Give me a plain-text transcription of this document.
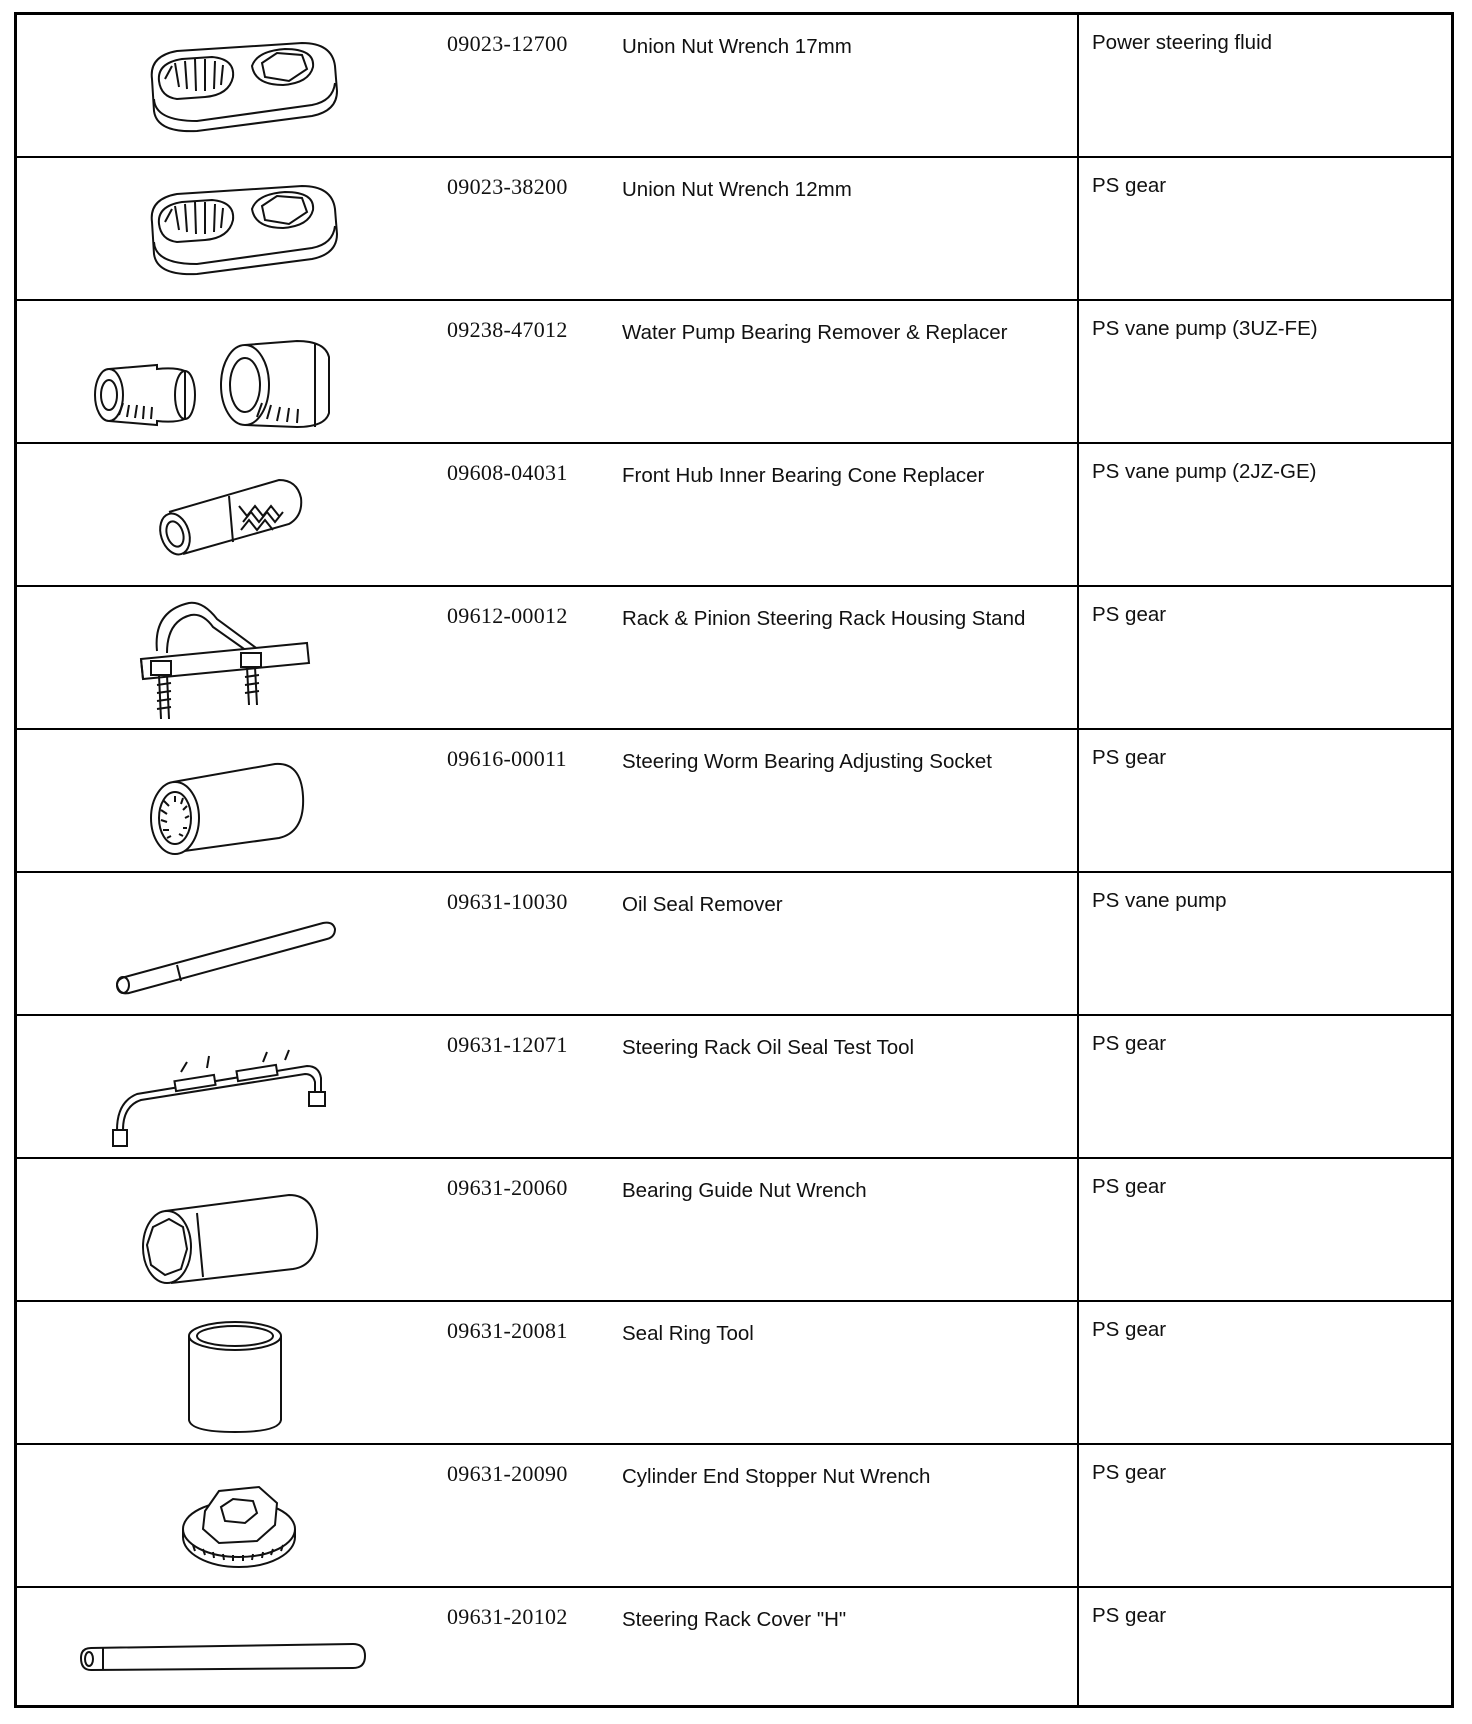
09023-12700	Union Nut Wrench 17mm	Power steering fluid
09023-38200	Union Nut Wrench 12mm	PS gear
09238-47012	Water Pump Bearing Remover & Replacer	PS vane pump (3UZ-FE)
09608-04031	Front Hub Inner Bearing Cone Replacer	PS vane pump (2JZ-GE)
09612-00012	Rack & Pinion Steering Rack Housing Stand	PS gear
09616-00011	Steering Worm Bearing Adjusting Socket	PS gear
09631-10030	Oil Seal Remover	PS vane pump
09631-12071	Steering Rack Oil Seal Test Tool	PS gear
09631-20060	Bearing Guide Nut Wrench	PS gear
09631-20081	Seal Ring Tool	PS gear
09631-20090	Cylinder End Stopper Nut Wrench	PS gear
09631-20102	Steering Rack Cover "H"	PS gear
